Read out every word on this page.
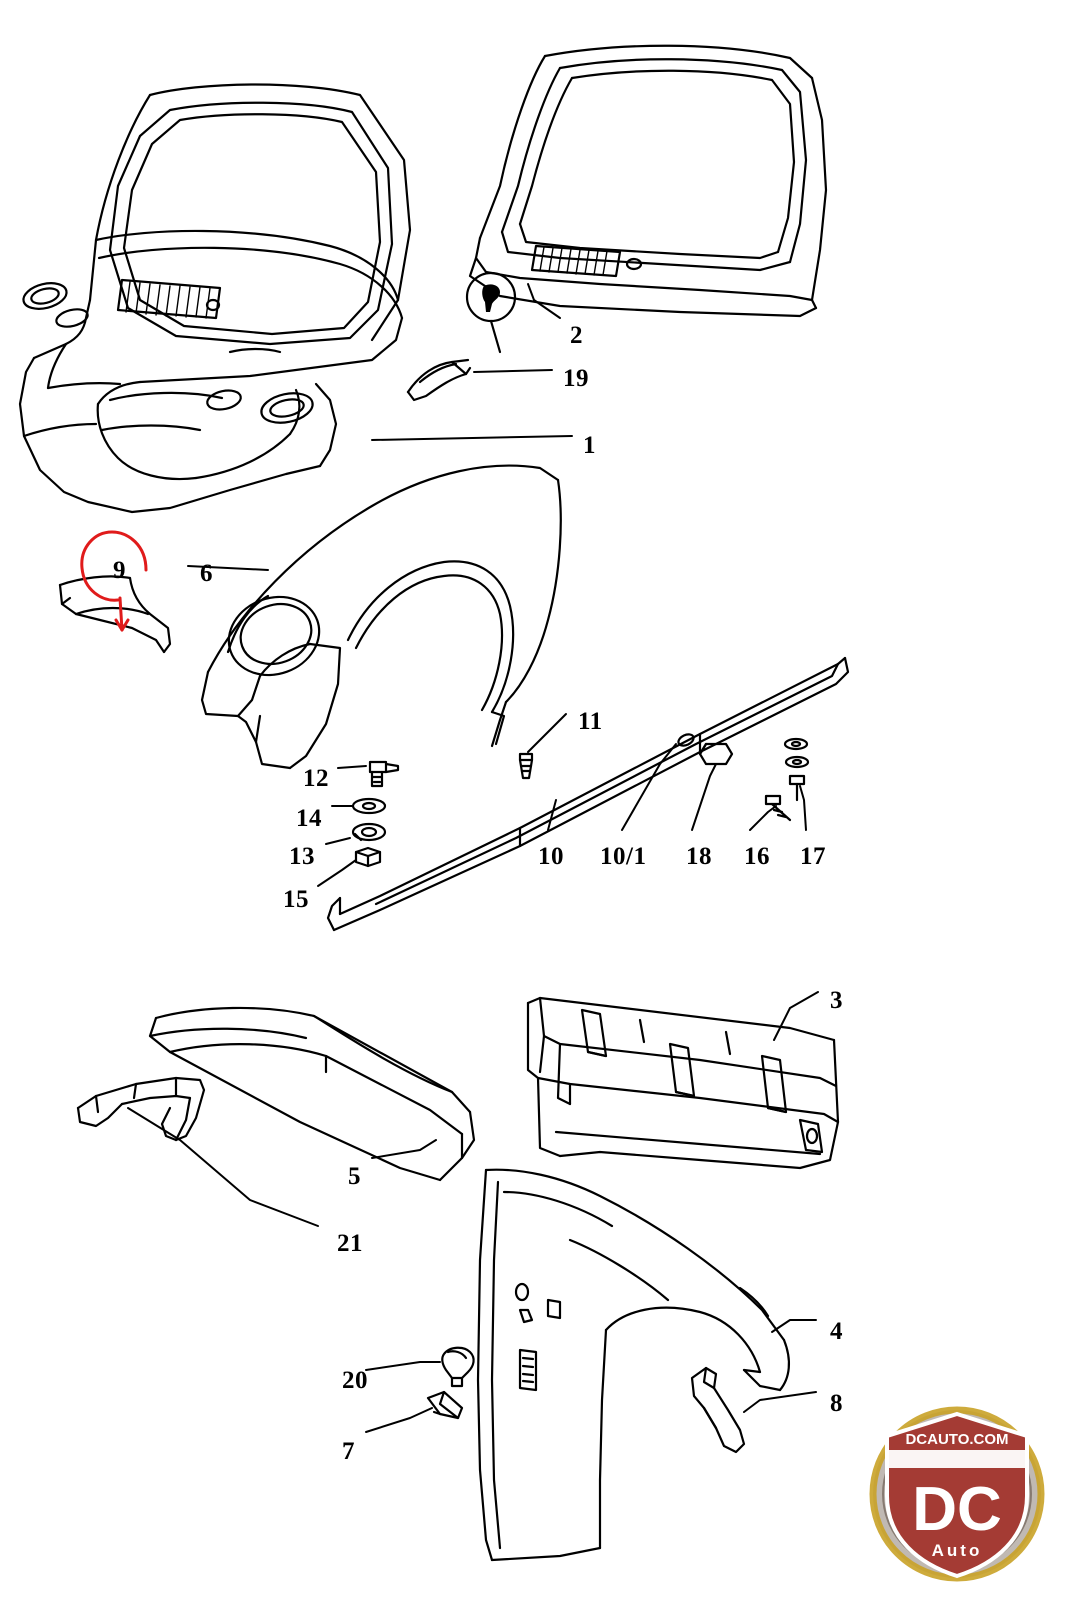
2
19
1
9	6
11
12
14
13
15
10 10/1 18 16 17
3
5
21
4
20
8
7	DCAUTO.COM
DC
Auto
